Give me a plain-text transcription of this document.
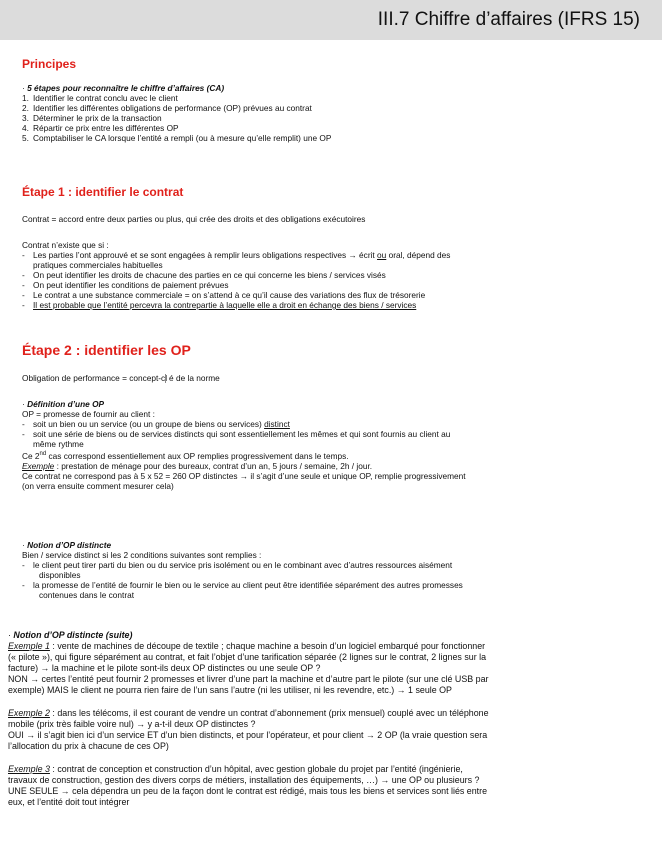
III.7 Chiffre d’affaires (IFRS 15)
Principes

· 5 étapes pour reconnaître le chiffre d’affaires (CA)

1. Identifier le contrat conclu avec le client
2. Identifier les différentes obligations de performance (OP) prévues au contrat
3. Déterminer le prix de la transaction
4. Répartir ce prix entre les différentes OP
5. Comptabiliser le CA lorsque l’entité a rempli (ou à mesure qu’elle remplit) une OP
Étape 1 : identifier le contrat
Contrat = accord entre deux parties ou plus, qui crée des droits et des obligations exécutoires

Contrat n’existe que si :

- Les parties l’ont approuvé et se sont engagées à remplir leurs obligations respectives → écrit ou oral, dépend des
pratiques commerciales habituelles
- On peut identifier les droits de chacune des parties en ce qui concerne les biens / services visés
- On peut identifier les conditions de paiement prévues
- Le contrat a une substance commerciale = on s’attend à ce qu’il cause des variations des flux de trésorerie
- Il est probable que l’entité percevra la contrepartie à laquelle elle a droit en échange des biens / services
Étape 2 : identifier les OP
Obligation de performance = concept-cl é de la norme

· Définition d’une OP

OP = promesse de fournir au client :

- soit un bien ou un service (ou un groupe de biens ou services) distinct
- soit une série de biens ou de services distincts qui sont essentiellement les mêmes et qui sont fournis au client au
même rythme

Ce 2nd cas correspond essentiellement aux OP remplies progressivement dans le temps.

Exemple : prestation de ménage pour des bureaux, contrat d’un an, 5 jours / semaine, 2h / jour.

Ce contrat ne correspond pas à 5 x 52 = 260 OP distinctes → il s’agit d’une seule et unique OP, remplie progressivement

(on verra ensuite comment mesurer cela)

· Notion d’OP distincte

Bien / service distinct si les 2 conditions suivantes sont remplies :

- le client peut tirer parti du bien ou du service pris isolément ou en le combinant avec d’autres ressources aisément
disponibles
- la promesse de l’entité de fournir le bien ou le service au client peut être identifiée séparément des autres promesses
contenues dans le contrat

· Notion d’OP distincte (suite)

Exemple 1 : vente de machines de découpe de textile ; chaque machine a besoin d’un logiciel embarqué pour fonctionner
(« pilote »), qui figure séparément au contrat, et fait l’objet d’une tarification séparée (2 lignes sur le contrat, 2 lignes sur la
facture) → la machine et le pilote sont-ils deux OP distinctes ou une seule OP ?
NON → certes l’entité peut fournir 2 promesses et livrer d’une part la machine et d’autre part le pilote (sur une clé USB par
exemple) MAIS le client ne pourra rien faire de l’un sans l’autre (ni les utiliser, ni les revendre, etc.) → 1 seule OP
Exemple 2 : dans les télécoms, il est courant de vendre un contrat d’abonnement (prix mensuel) couplé avec un téléphone
mobile (prix très faible voire nul) → y a-t-il deux OP distinctes ?
OUI → il s’agit bien ici d’un service ET d’un bien distincts, et pour l’opérateur, et pour client → 2 OP (la vraie question sera
l’allocation du prix à chacune de ces OP)
Exemple 3 : contrat de conception et construction d’un hôpital, avec gestion globale du projet par l’entité (ingénierie,
travaux de construction, gestion des divers corps de métiers, installation des équipements, …) → une OP ou plusieurs ?
UNE SEULE → cela dépendra un peu de la façon dont le contrat est rédigé, mais tous les biens et services sont liés entre
eux, et l’entité doit tout intégrer
